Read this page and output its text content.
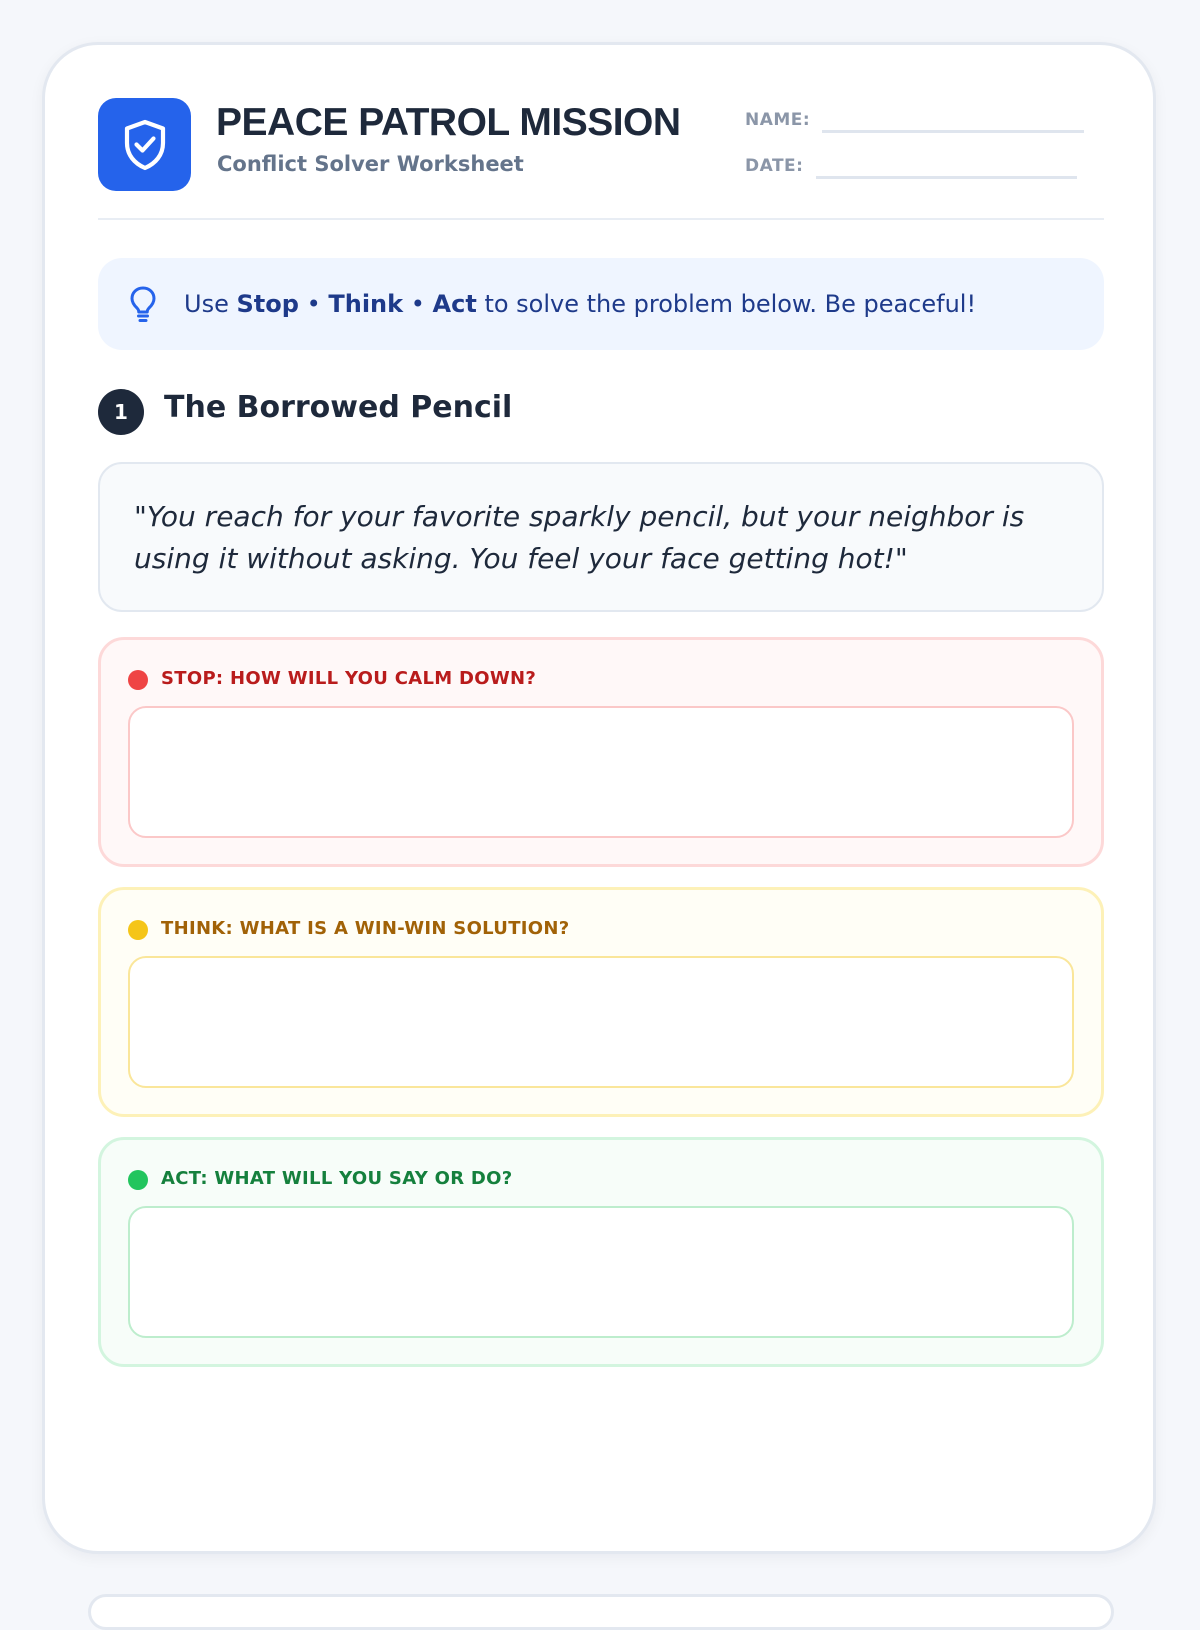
PEACE PATROL MISSION
Conflict Solver Worksheet
NAME:
DATE:
Use Stop • Think • Act to solve the problem below. Be peaceful!
1	The Borrowed Pencil
"You reach for your favorite sparkly pencil, but your neighbor is using it without asking. You feel your face getting hot!"
STOP: HOW WILL YOU CALM DOWN?
THINK: WHAT IS A WIN-WIN SOLUTION?
ACT: WHAT WILL YOU SAY OR DO?
